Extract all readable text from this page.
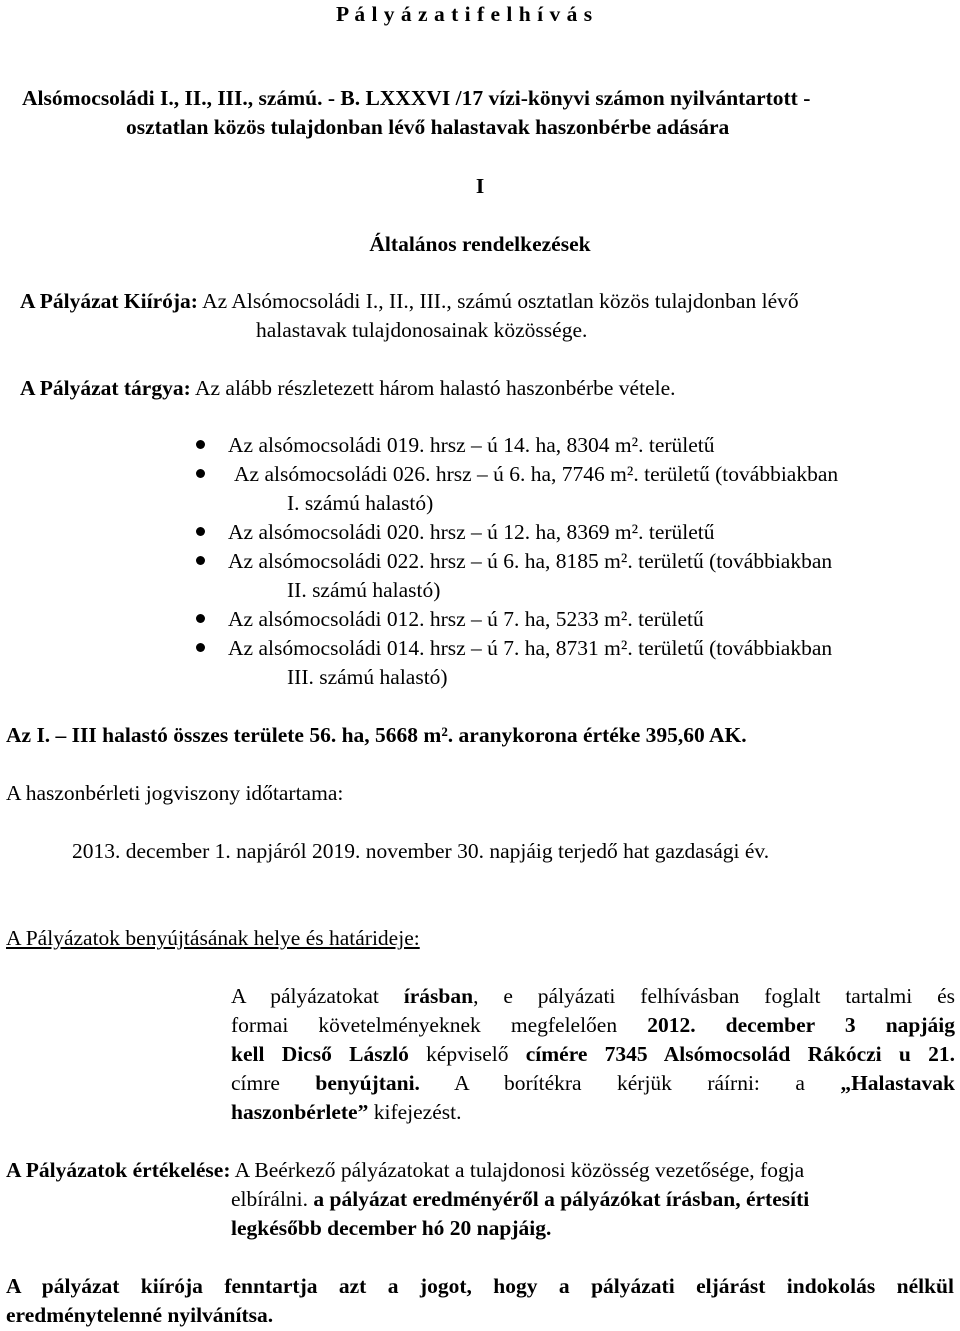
P á l y á z a t i f e l h í v á s
Alsómocsoládi I., II., III., számú. - B. LXXXVI /17 vízi-könyvi számon nyilvántartott -
osztatlan közös tulajdonban lévő halastavak haszonbérbe adására
I
Általános rendelkezések
A Pályázat Kiírója: Az Alsómocsoládi I., II., III., számú osztatlan közös tulajdonban lévő
halastavak tulajdonosainak közössége.
A Pályázat tárgya: Az alább részletezett három halastó haszonbérbe vétele.
Az alsómocsoládi 019. hrsz – ú 14. ha, 8304 m². területű
Az alsómocsoládi 026. hrsz – ú 6. ha, 7746 m². területű (továbbiakban
I. számú halastó)
Az alsómocsoládi 020. hrsz – ú 12. ha, 8369 m². területű
Az alsómocsoládi 022. hrsz – ú 6. ha, 8185 m². területű (továbbiakban
II. számú halastó)
Az alsómocsoládi 012. hrsz – ú 7. ha, 5233 m². területű
Az alsómocsoládi 014. hrsz – ú 7. ha, 8731 m². területű (továbbiakban
III. számú halastó)
Az I. – III halastó összes területe 56. ha, 5668 m². aranykorona értéke 395,60 AK.
A haszonbérleti jogviszony időtartama:
2013. december 1. napjáról 2019. november 30. napjáig terjedő hat gazdasági év.
A Pályázatok benyújtásának helye és határideje:
A pályázatokat írásban, e pályázati felhívásban foglalt tartalmi és
formai követelményeknek megfelelően 2012. december 3 napjáig
kell Dicső László képviselő címére 7345 Alsómocsolád Rákóczi u 21.
címre benyújtani. A borítékra kérjük ráírni: a „Halastavak
haszonbérlete” kifejezést.
A Pályázatok értékelése: A Beérkező pályázatokat a tulajdonosi közösség vezetősége, fogja
elbírálni. a pályázat eredményéről a pályázókat írásban, értesíti
legkésőbb december hó 20 napjáig.
A pályázat kiírója fenntartja azt a jogot, hogy a pályázati eljárást indokolás nélkül
eredménytelenné nyilvánítsa.
